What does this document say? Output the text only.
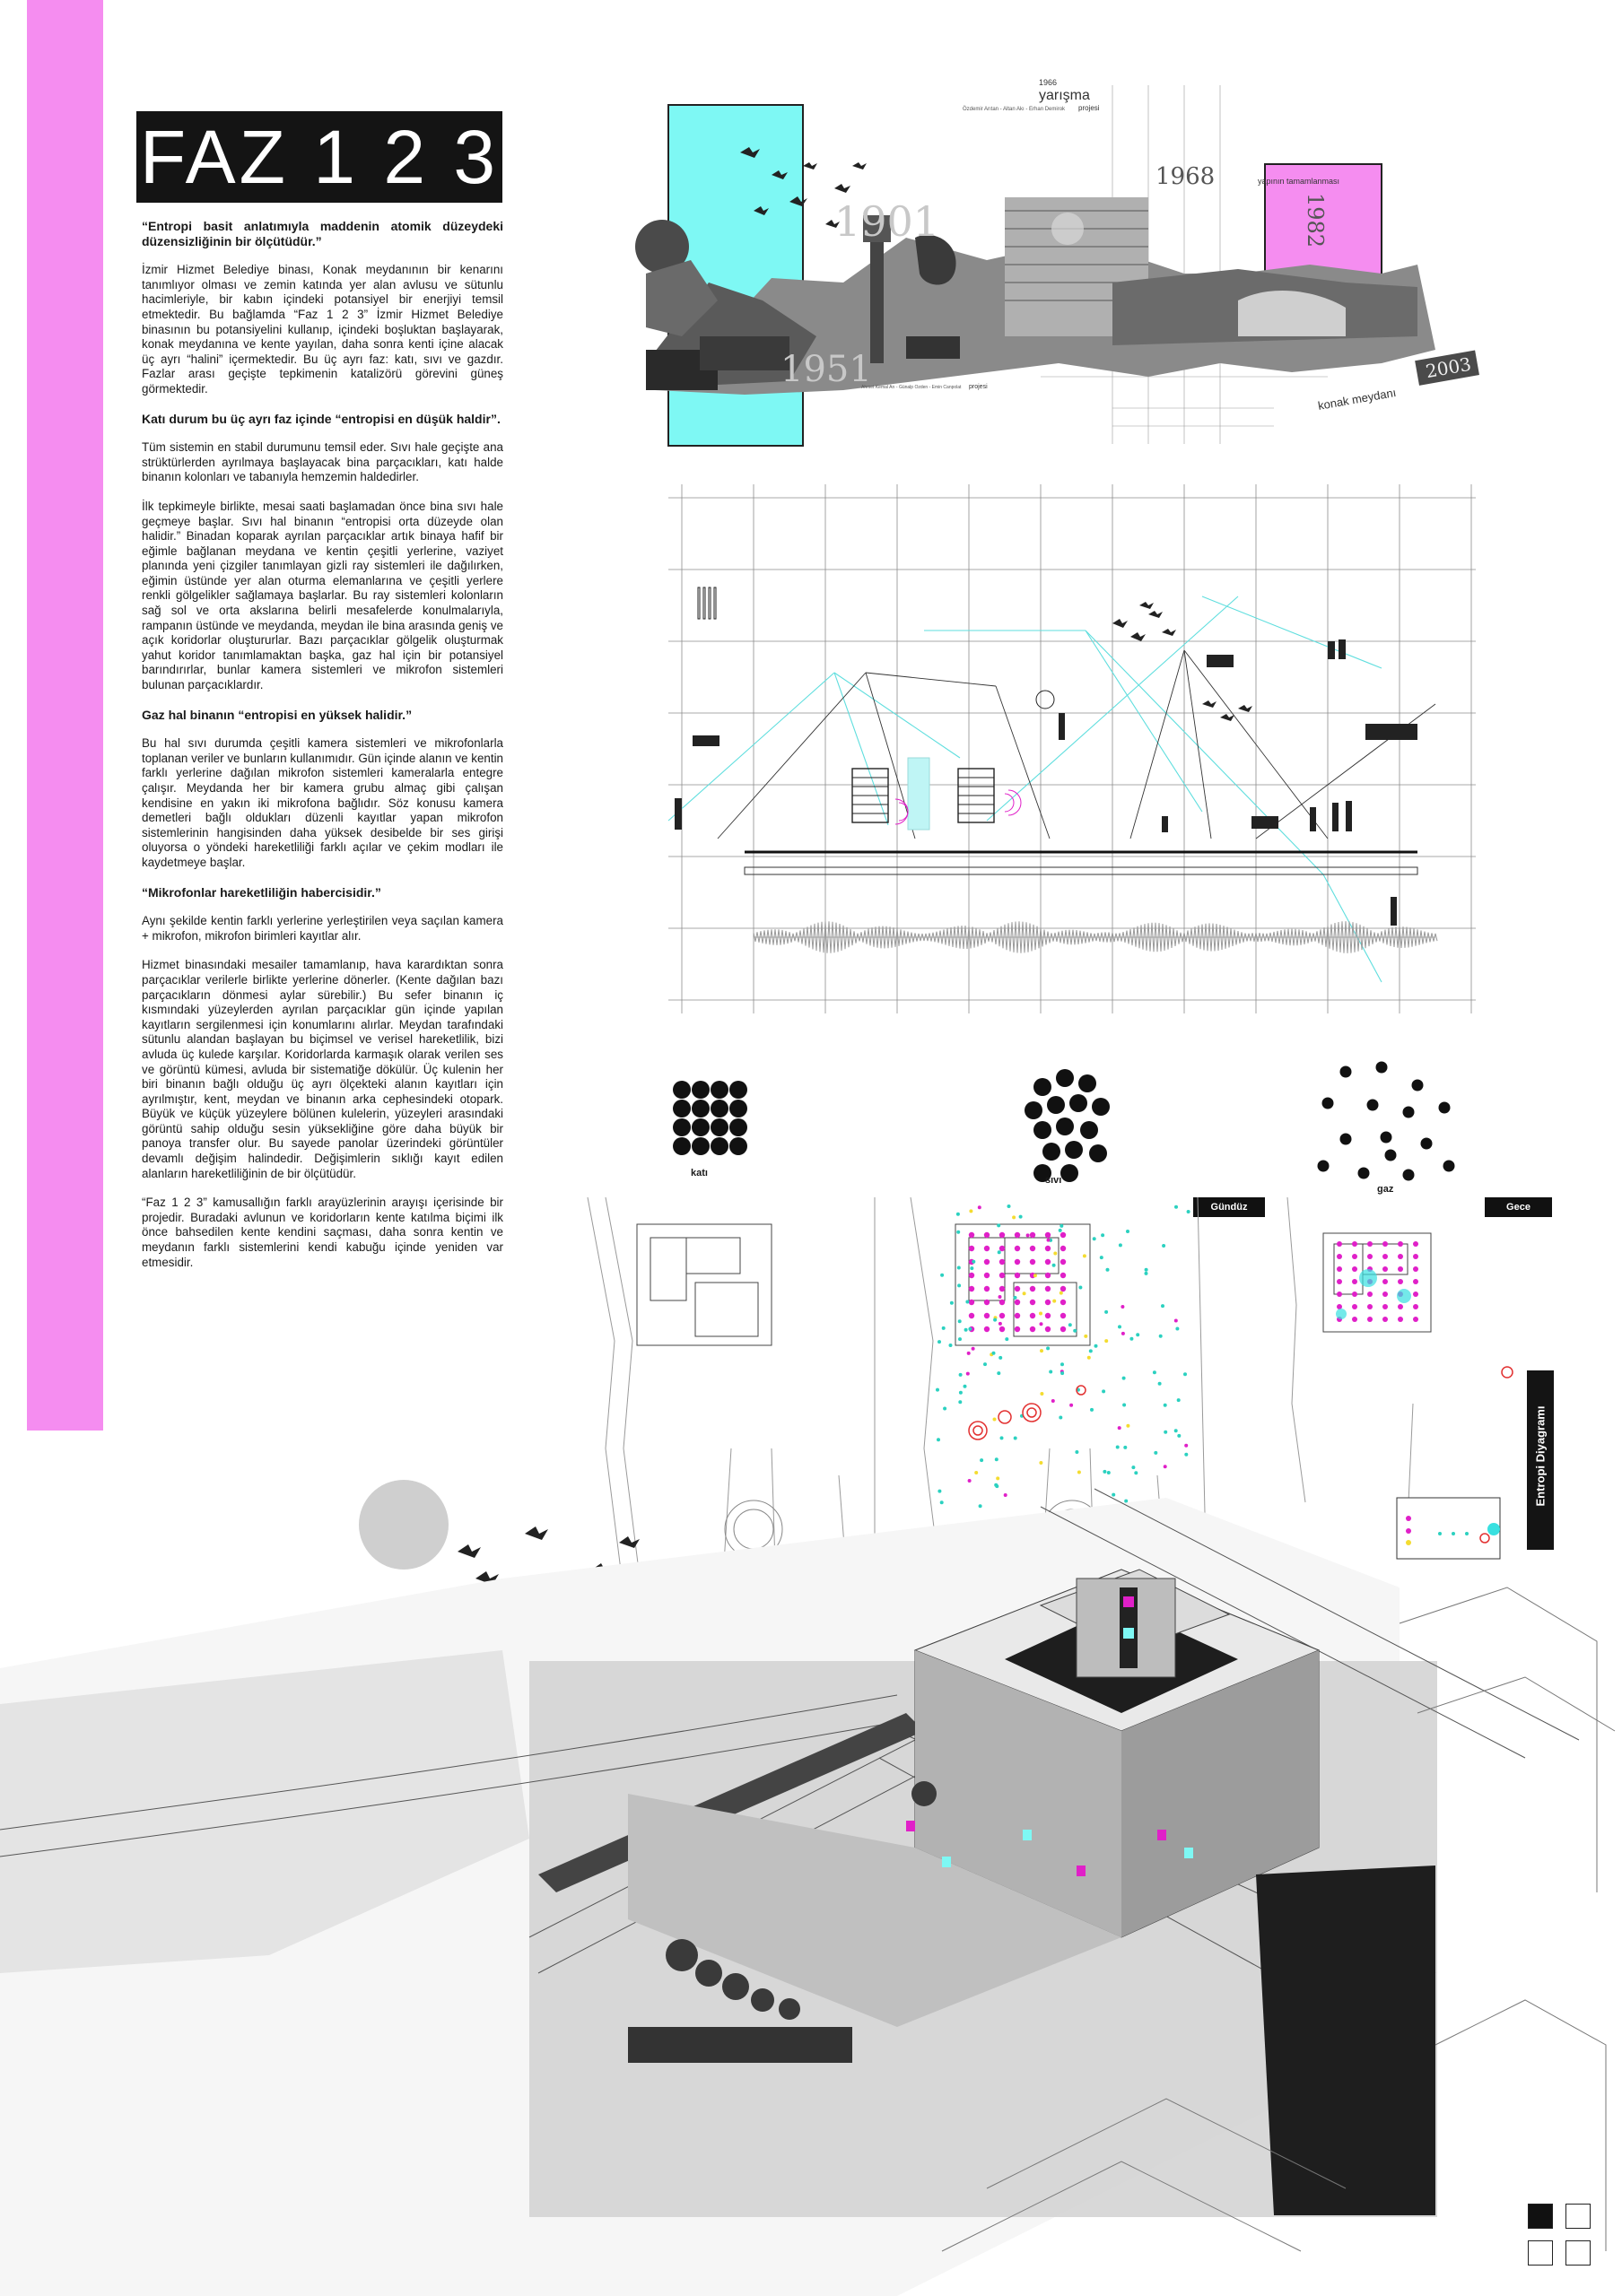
FAZ 1 2 3

“Entropi basit anlatımıyla maddenin atomik düzeydeki düzensizliğinin bir ölçütüdür.”

İzmir Hizmet Belediye binası, Konak meydanının bir kenarını tanımlıyor olması ve zemin katında yer alan avlusu ve sütunlu hacimleriyle, bir kabın içindeki potansiyel bir enerjiyi temsil etmektedir. Bu bağlamda “Faz 1 2 3” İzmir Hizmet Belediye binasının bu potansiyelini kullanıp, içindeki boşluktan başlayarak, konak meydanına ve kente yayılan, daha sonra kenti içine alacak üç ayrı “halini” içermektedir. Bu üç ayrı faz: katı, sıvı ve gazdır. Fazlar arası geçişte tepkimenin katalizörü görevini güneş görmektedir.

Katı durum bu üç ayrı faz içinde “entropisi en düşük haldir”.

Tüm sistemin en stabil durumunu temsil eder. Sıvı hale geçişte ana strüktürlerden ayrılmaya başlayacak bina parçacıkları, katı halde binanın kolonları ve tabanıyla hemzemin haldedirler.

İlk tepkimeyle birlikte, mesai saati başlamadan önce bina sıvı hale geçmeye başlar. Sıvı hal binanın “entropisi orta düzeyde olan halidir.” Binadan koparak ayrılan parçacıklar artık binaya hafif bir eğimle bağlanan meydana ve kentin çeşitli yerlerine, vaziyet planında yeni çizgiler tanımlayan gizli ray sistemleri ile dağılırken, eğimin üstünde yer alan oturma elemanlarına ve çeşitli yerlere renkli gölgelikler sağlamaya başlarlar. Bu ray sistemleri kolonların sağ sol ve orta akslarına belirli mesafelerde konulmalarıyla, rampanın üstünde ve meydanda, meydan ile bina arasında geniş ve açık koridorlar oluştururlar. Bazı parçacıklar gölgelik oluşturmak yahut koridor tanımlamaktan başka, gaz hal için bir potansiyel barındırırlar, bunlar kamera sistemleri ve mikrofon sistemleri bulunan parçacıklardır.

Gaz hal binanın “entropisi en yüksek halidir.”

Bu hal sıvı durumda çeşitli kamera sistemleri ve mikrofonlarla toplanan veriler ve bunların kullanımıdır. Gün içinde alanın ve kentin farklı yerlerine dağılan mikrofon sistemleri kameralarla entegre çalışır. Meydanda her bir kamera grubu almaç gibi çalışan kendisine en yakın iki mikrofona bağlıdır. Söz konusu kamera demetleri bağlı oldukları düzenli kayıtlar yapan mikrofon sistemlerinin hangisinden daha yüksek desibelde bir ses girişi oluyorsa o yöndeki hareketliliği farklı açılar ve çekim modları ile kaydetmeye başlar.

“Mikrofonlar hareketliliğin habercisidir.”

Aynı şekilde kentin farklı yerlerine yerleştirilen veya saçılan kamera + mikrofon, mikrofon birimleri kayıtlar alır.

Hizmet binasındaki mesailer tamamlanıp, hava karardıktan sonra parçacıklar verilerle birlikte yerlerine dönerler. (Kente dağılan bazı parçacıkların dönmesi aylar sürebilir.) Bu sefer binanın iç kısmındaki yüzeylerden ayrılan parçacıklar gün içinde yapılan kayıtların sergilenmesi için konumlarını alırlar. Meydan tarafındaki sütunlu alandan başlayan bu biçimsel ve verisel hareketlilik, bizi avluda üç kulede karşılar. Koridorlarda karmaşık olarak verilen ses ve görüntü kümesi, avluda bir sistematiğe dökülür. Üç kulenin her biri binanın bağlı olduğu üç ayrı ölçekteki alanın kayıtları için ayrılmıştır, kent, meydan ve binanın arka cephesindeki otopark. Büyük ve küçük yüzeylere bölünen kulelerin, yüzeyleri arasındaki görüntü sahip olduğu sesin yüksekliğine göre daha büyük bir panoya transfer olur. Bu sayede panolar üzerindeki görüntüler devamlı değişim halindedir. Değişimlerin sıklığı kayıt edilen alanların hareketliliğinin de bir ölçütüdür.

“Faz 1 2 3” kamusallığın farklı arayüzlerinin arayışı içerisinde bir projedir. Buradaki avlunun ve koridorların kente katılma biçimi ilk önce bahsedilen kente kendini saçması, daha sonra kentin ve meydanın farklı sistemlerini kendi kabuğu içinde yeniden var etmesidir.

1901
1951
1968
1982
yapının tamamlanması
1966
yarışma
Özdemir Arıtan - Altan Akı - Erhan Demirok projesi
Ahmet Kemal Arı - Günalp Ozden - Emin Canpolat projesi
2003
konak meydanı
katı
sıvı
gaz
Gündüz	Gece
Entropi Diyagramı
